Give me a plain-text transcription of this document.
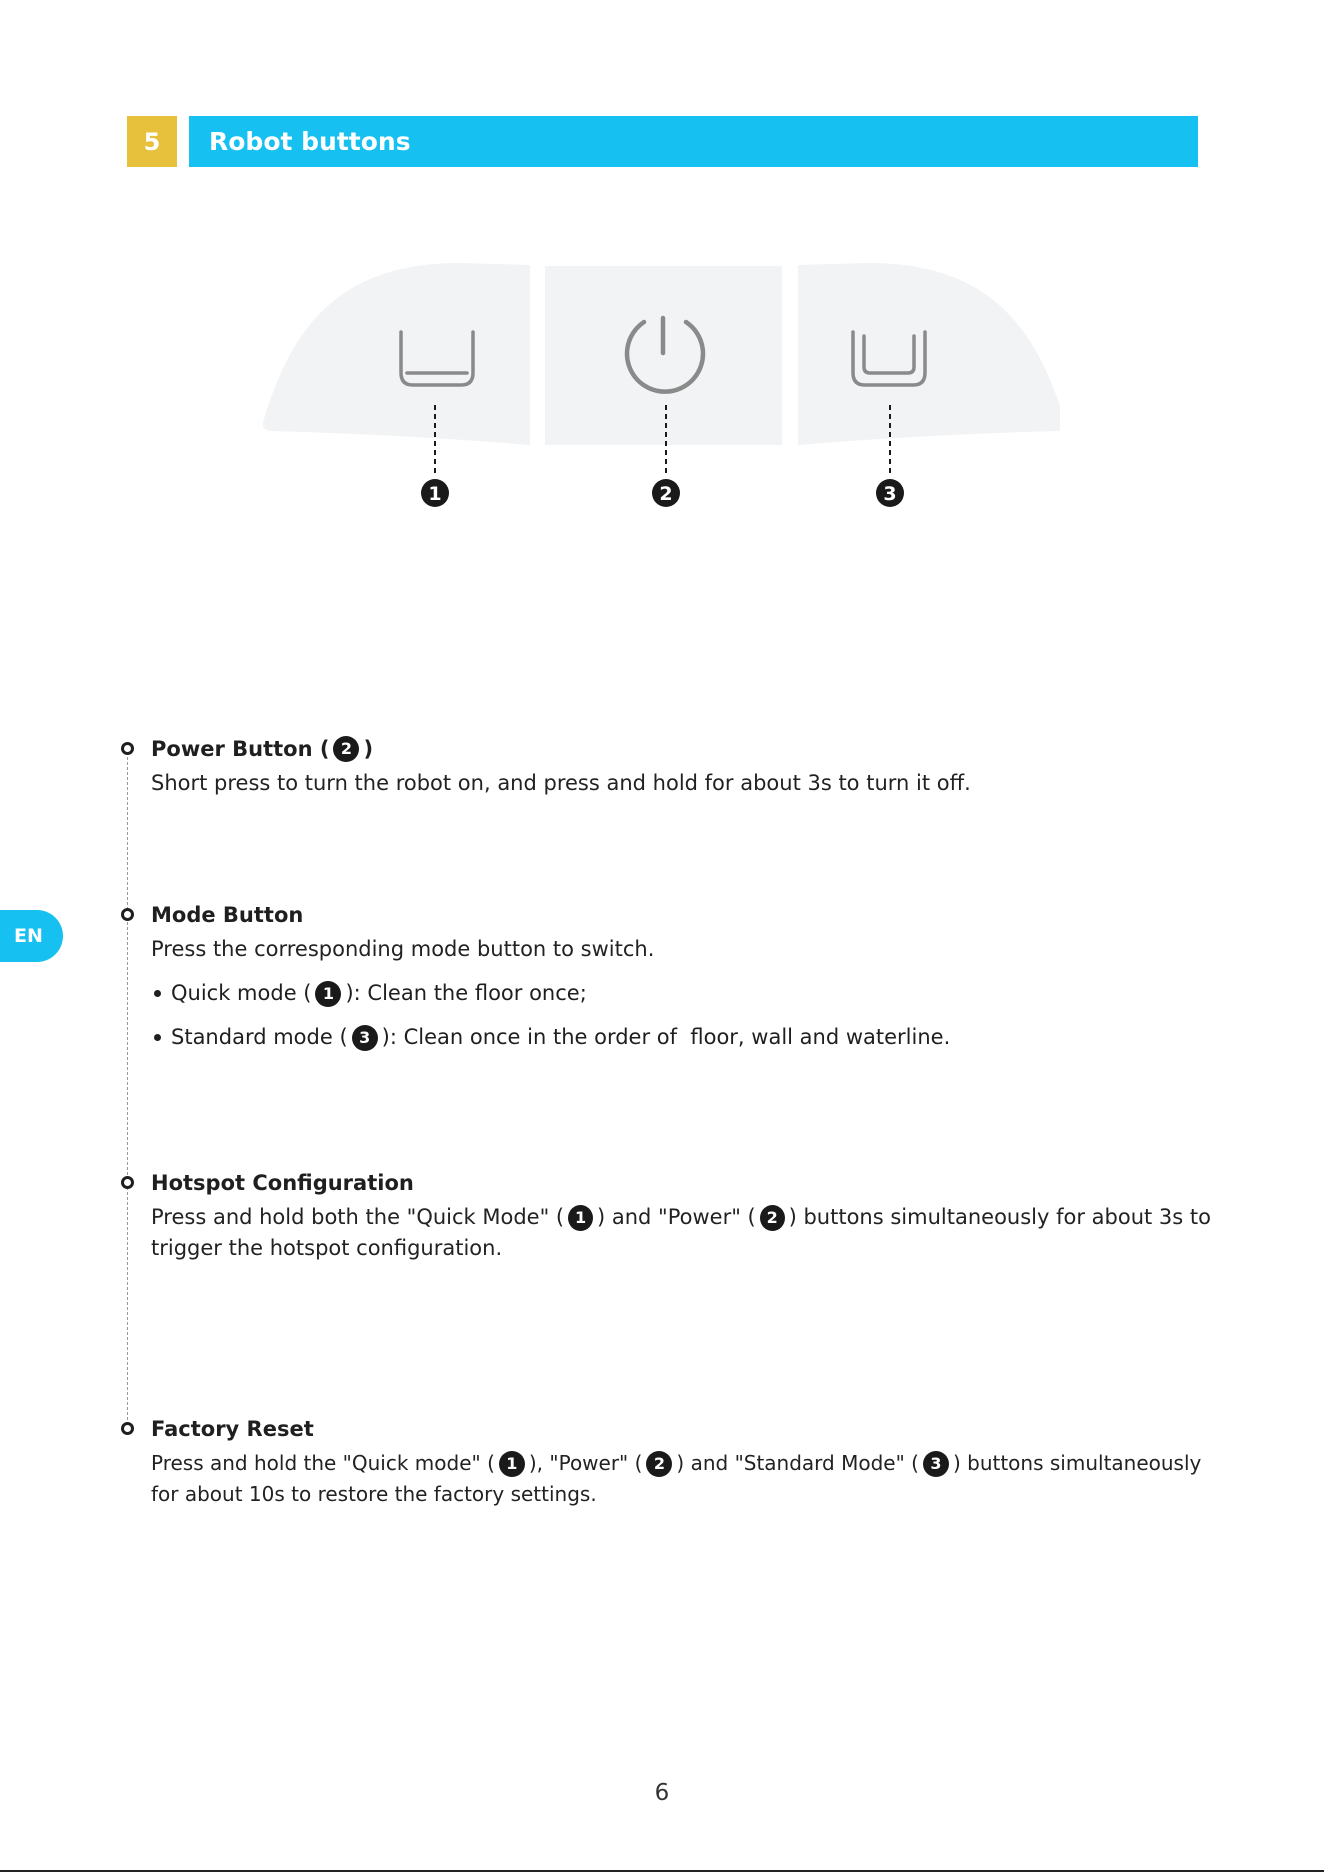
5	Robot buttons
1	2	3
EN
Power Button ( 2 )
Short press to turn the robot on, and press and hold for about 3s to turn it off.
Mode Button
Press the corresponding mode button to switch.
Quick mode ( 1 ): Clean the floor once;
Standard mode ( 3 ): Clean once in the order of  floor, wall and waterline.
Hotspot Configuration
Press and hold both the "Quick Mode" ( 1 ) and "Power" ( 2 ) buttons simultaneously for about 3s to
trigger the hotspot configuration.
Factory Reset
Press and hold the "Quick mode" ( 1 ), "Power" ( 2 ) and "Standard Mode" ( 3 ) buttons simultaneously
for about 10s to restore the factory settings.
6
